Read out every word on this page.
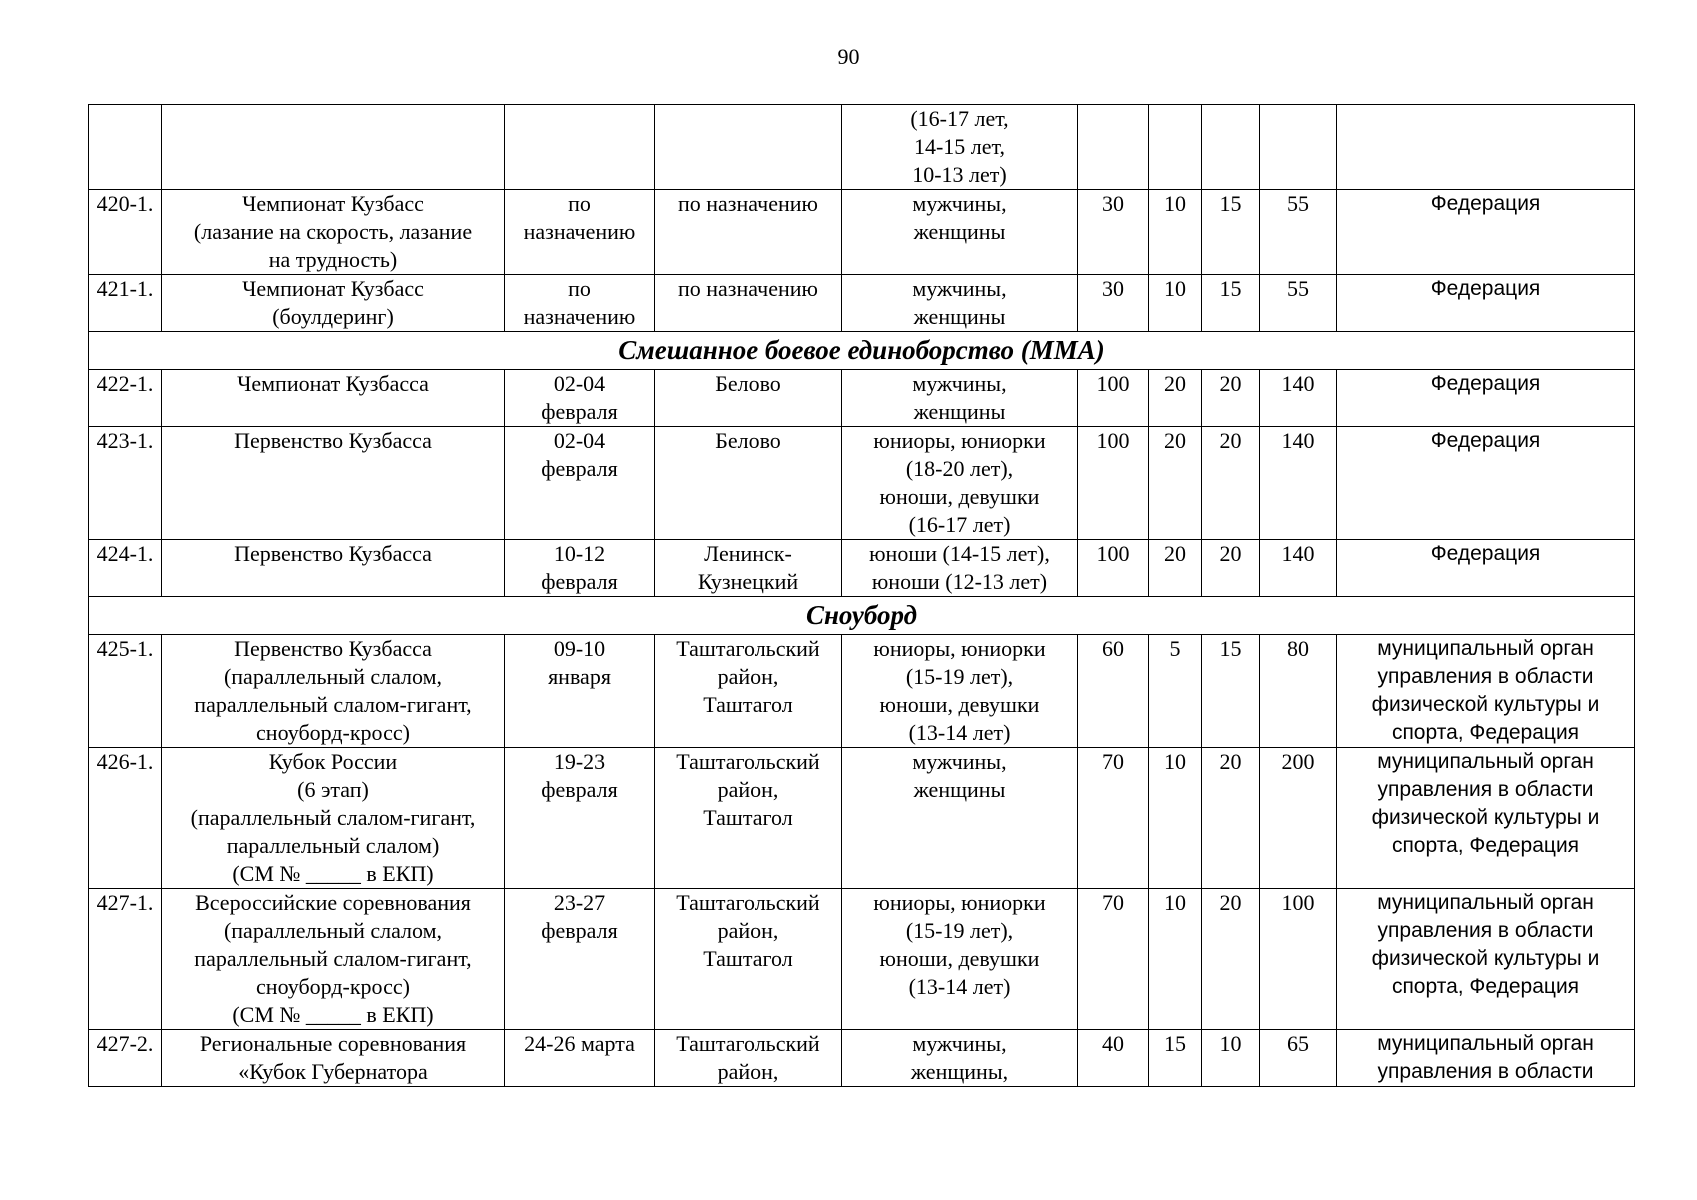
90

				(16-17 лет,
14-15 лет,
10-13 лет)					

420-1.	Чемпионат Кузбасс
(лазание на скорость, лазание
на трудность)	по
назначению	по назначению	мужчины,
женщины	30	10	15	55	Федерация

421-1.	Чемпионат Кузбасс
(боулдеринг)	по
назначению	по назначению	мужчины,
женщины	30	10	15	55	Федерация

Смешанное боевое единоборство (ММА)									
422-1.	Чемпионат Кузбасса	02-04
февраля	Белово	мужчины,
женщины	100	20	20	140	Федерация

423-1.	Первенство Кузбасса	02-04
февраля	Белово	юниоры, юниорки
(18-20 лет),
юноши, девушки
(16-17 лет)	100	20	20	140	Федерация

424-1.	Первенство Кузбасса	10-12
февраля	Ленинск-
Кузнецкий	юноши (14-15 лет),
юноши (12-13 лет)	100	20	20	140	Федерация

Сноуборд									
425-1.	Первенство Кузбасса
(параллельный слалом,
параллельный слалом-гигант,
сноуборд-кросс)	09-10
января	Таштагольский
район,
Таштагол	юниоры, юниорки
(15-19 лет),
юноши, девушки
(13-14 лет)	60	5	15	80	муниципальный орган
управления в области
физической культуры и
спорта, Федерация

426-1.	Кубок России
(6 этап)
(параллельный слалом-гигант,
параллельный слалом)
(СМ № _____ в ЕКП)	19-23
февраля	Таштагольский
район,
Таштагол	мужчины,
женщины	70	10	20	200	муниципальный орган
управления в области
физической культуры и
спорта, Федерация

427-1.	Всероссийские соревнования
(параллельный слалом,
параллельный слалом-гигант,
сноуборд-кросс)
(СМ № _____ в ЕКП)	23-27
февраля	Таштагольский
район,
Таштагол	юниоры, юниорки
(15-19 лет),
юноши, девушки
(13-14 лет)	70	10	20	100	муниципальный орган
управления в области
физической культуры и
спорта, Федерация

427-2.	Региональные соревнования
«Кубок Губернатора	24-26 марта	Таштагольский
район,	мужчины,
женщины,	40	15	10	65	муниципальный орган
управления в области
